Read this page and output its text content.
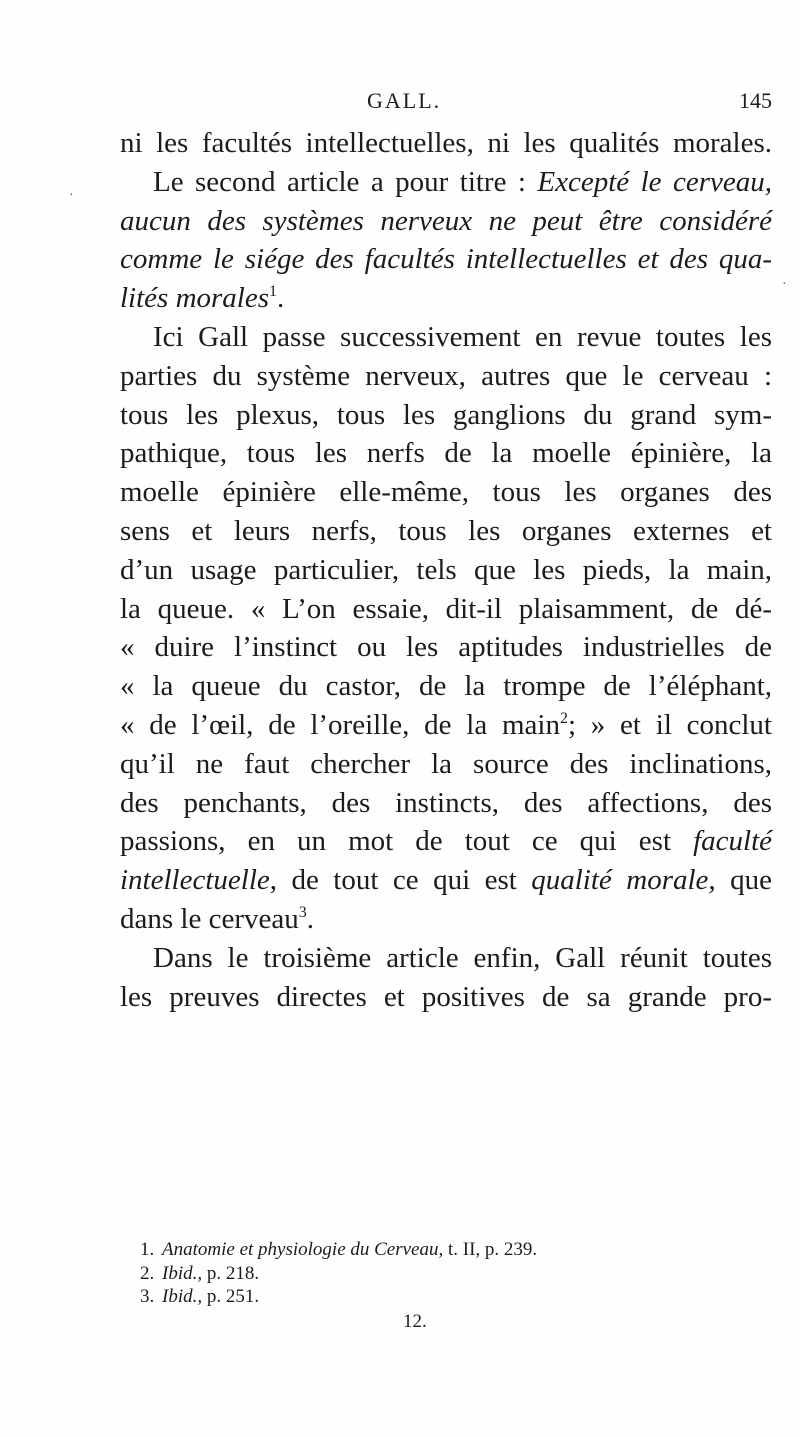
GALL.	145
ni les facultés intellectuelles, ni les qualités morales.
Le second article a pour titre : Excepté le cerveau,
aucun des systèmes nerveux ne peut être considéré
comme le siége des facultés intellectuelles et des qua-
lités morales$^1$.
Ici Gall passe successivement en revue toutes les
parties du système nerveux, autres que le cerveau :
tous les plexus, tous les ganglions du grand sym-
pathique, tous les nerfs de la moelle épinière, la
moelle épinière elle-même, tous les organes des
sens et leurs nerfs, tous les organes externes et
d’un usage particulier, tels que les pieds, la main,
la queue. « L’on essaie, dit-il plaisamment, de dé-
« duire l’instinct ou les aptitudes industrielles de
« la queue du castor, de la trompe de l’éléphant,
« de l’œil, de l’oreille, de la main$^2$; » et il conclut
qu’il ne faut chercher la source des inclinations,
des penchants, des instincts, des affections, des
passions, en un mot de tout ce qui est faculté
intellectuelle, de tout ce qui est qualité morale, que
dans le cerveau$^3$.
Dans le troisième article enfin, Gall réunit toutes
les preuves directes et positives de sa grande pro-
1. Anatomie et physiologie du Cerveau, t. II, p. 239.
2. Ibid., p. 218.
3. Ibid., p. 251.
12.
·
·
